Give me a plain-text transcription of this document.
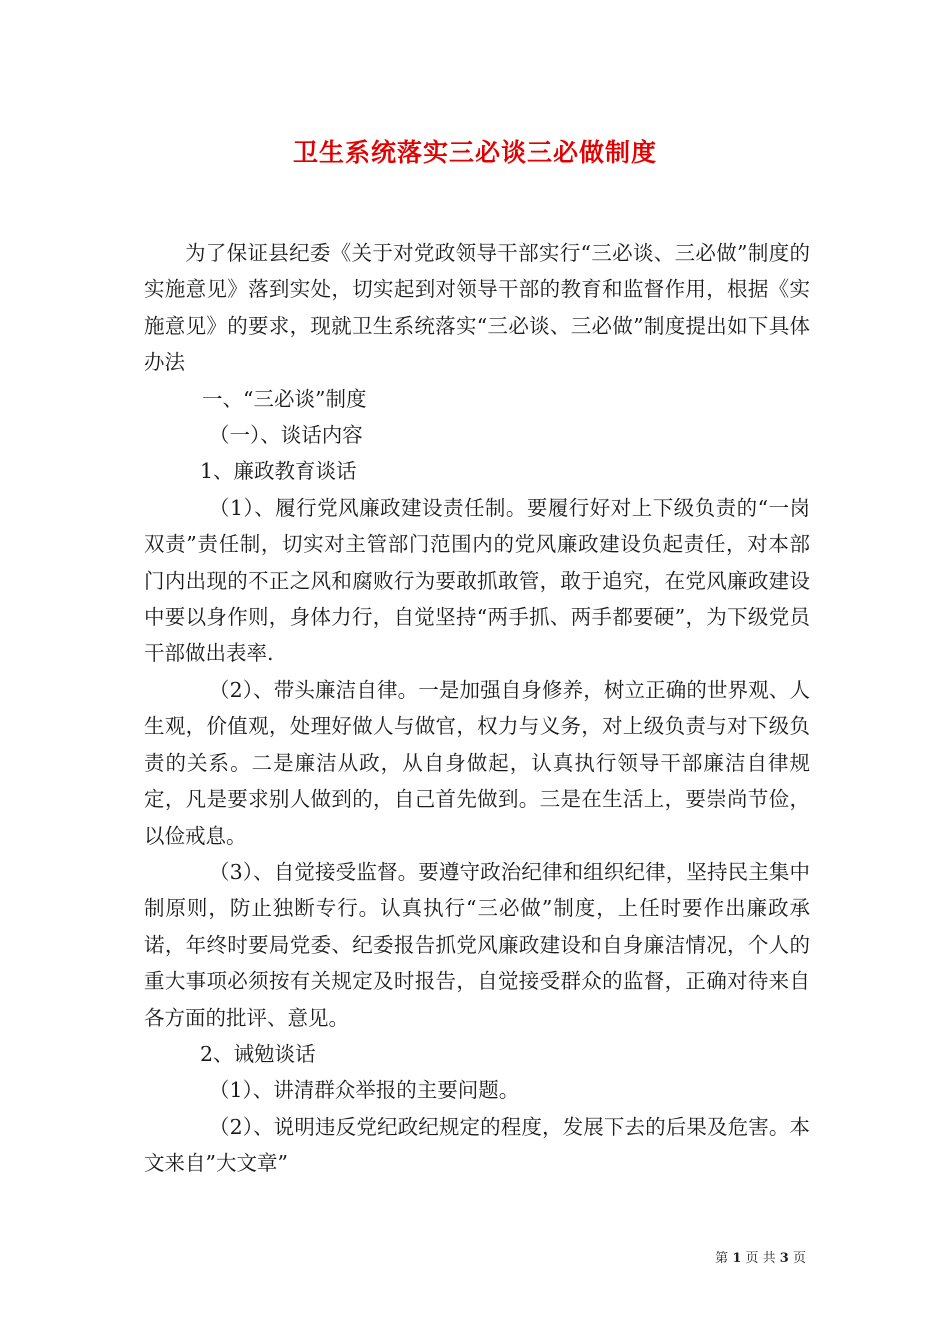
卫生系统落实三必谈三必做制度

为了保证县纪委《关于对党政领导干部实行“三必谈、三必做”制度的实施意见》落到实处，切实起到对领导干部的教育和监督作用，根据《实施意见》的要求，现就卫生系统落实“三必谈、三必做”制度提出如下具体办法

一、“三必谈”制度

（一）、谈话内容

1、廉政教育谈话

（1）、履行党风廉政建设责任制。要履行好对上下级负责的“一岗双责”责任制，切实对主管部门范围内的党风廉政建设负起责任，对本部门内出现的不正之风和腐败行为要敢抓敢管，敢于追究，在党风廉政建设中要以身作则，身体力行，自觉坚持“两手抓、两手都要硬”，为下级党员干部做出表率.

（2）、带头廉洁自律。一是加强自身修养，树立正确的世界观、人生观，价值观，处理好做人与做官，权力与义务，对上级负责与对下级负责的关系。二是廉洁从政，从自身做起，认真执行领导干部廉洁自律规定，凡是要求别人做到的，自己首先做到。三是在生活上，要崇尚节俭，以俭戒息。

（3）、自觉接受监督。要遵守政治纪律和组织纪律，坚持民主集中制原则，防止独断专行。认真执行“三必做”制度，上任时要作出廉政承诺，年终时要局党委、纪委报告抓党风廉政建设和自身廉洁情况，个人的重大事项必须按有关规定及时报告，自觉接受群众的监督，正确对待来自各方面的批评、意见。

2、诫勉谈话

（1）、讲清群众举报的主要问题。

（2）、说明违反党纪政纪规定的程度，发展下去的后果及危害。本文来自”大文章”

第 1 页 共 3 页
